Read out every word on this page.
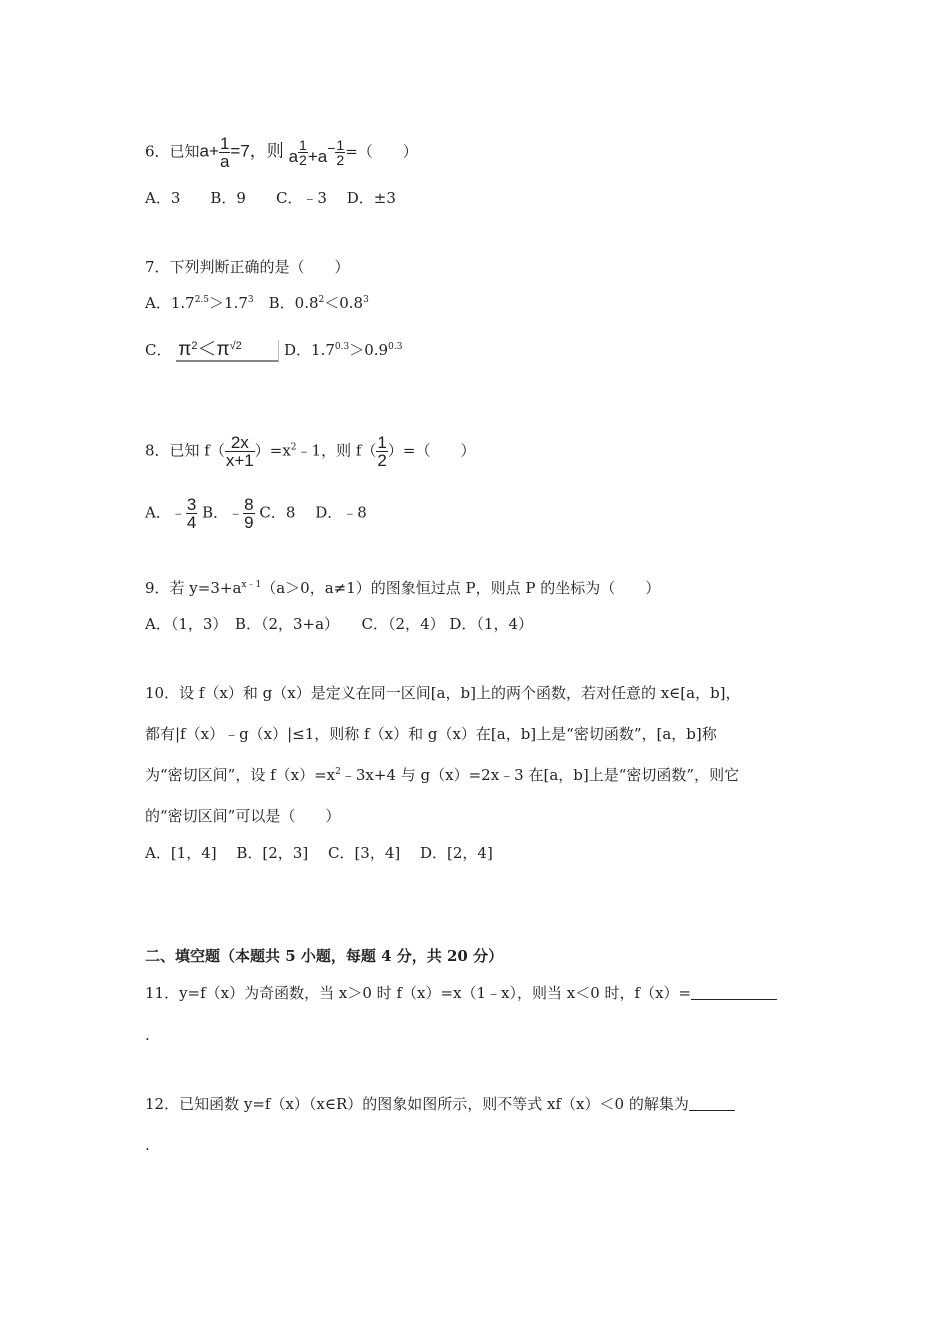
6．已知$a+ \frac{1}{a} =7$，则 a $\frac{1}{2} +a- \frac{1}{2}$ =（　　）
A．3　　B．9　　C．﹣3　 D．±3
7．下列判断正确的是（　　）
A．$1.7^{2.5}>1.7^3$　B．$0.8^2<0.8^3$
C． $\pi^2<\pi^{√2}$	D．$1.7^{0.3}>0.9^{0.3}$
8．已知 $f( \frac{2x}{x+1}$ ）$=x^2﹣1$，则 $f( \frac{1}{2}$ ）=（　　）
A．﹣ $\frac{3}{4}$ B．﹣ $\frac{8}{9}$ C．8　 D．﹣8
9．若 $y=3+a^{x﹣1}(a>0$，a≠1）的图象恒过点 P，则点 P 的坐标为（　　）
A．（1，3）　B．（2，3+a）　　C．（2，4） D．（1，4）
10．设 f（x）和 g（x）是定义在同一区间[a，b]上的两个函数，若对任意的 x∈[a，b]，
都有|f（x）﹣g（x）|≤1，则称 f（x）和 g（x）在[a，b]上是“密切函数”，[a，b]称
为“密切区间”，设 $f(x)=x^2﹣3x+4$ 与 g（x）=2x﹣3 在[a，b]上是“密切函数”，则它
的“密切区间”可以是（　　）
A．[1，4]　 B．[2，3]　 C．[3，4]　 D．[2，4]
二、填空题（本题共 5 小题，每题 4 分，共 20 分）
11．y=f（x）为奇函数，当 x＞0 时 f（x）=x（1﹣x），则当 x＜0 时，f（x）=
.
12．已知函数 y=f（x）（x∈R）的图象如图所示，则不等式 xf（x）＜0 的解集为
.
